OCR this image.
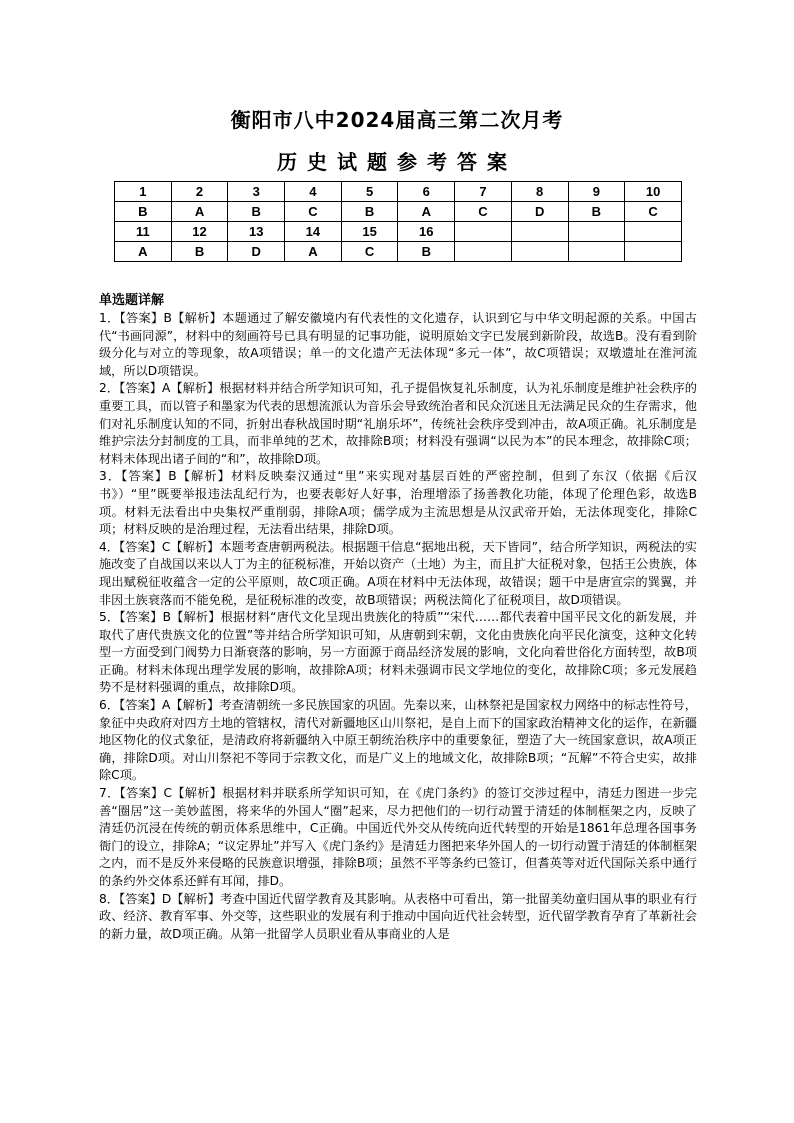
衡阳市八中2024届高三第二次月考
历史试题参考答案
1	2	3	4	5	6	7	8	9	10
B	A	B	C	B	A	C	D	B	C
11	12	13	14	15	16				
A	B	D	A	C	B				
单选题详解

1．【答案】B【解析】本题通过了解安徽境内有代表性的文化遗存，认识到它与中华文明起源的关系。中国古代“书画同源”，材料中的刻画符号已具有明显的记事功能，说明原始文字已发展到新阶段，故选B。没有看到阶级分化与对立的等现象，故A项错误；单一的文化遗产无法体现“多元一体”，故C项错误；双墩遗址在淮河流域，所以D项错误。

2．【答案】A【解析】根据材料并结合所学知识可知，孔子提倡恢复礼乐制度，认为礼乐制度是维护社会秩序的重要工具，而以管子和墨家为代表的思想流派认为音乐会导致统治者和民众沉迷且无法满足民众的生存需求，他们对礼乐制度认知的不同，折射出春秋战国时期“礼崩乐坏”，传统社会秩序受到冲击，故A项正确。礼乐制度是维护宗法分封制度的工具，而非单纯的艺术，故排除B项；材料没有强调“以民为本”的民本理念，故排除C项；材料未体现出诸子间的“和”，故排除D项。

3．【答案】B【解析】材料反映秦汉通过“里”来实现对基层百姓的严密控制，但到了东汉（依据《后汉书》）“里”既要举报违法乱纪行为，也要表彰好人好事，治理增添了扬善教化功能，体现了伦理色彩，故选B项。材料无法看出中央集权严重削弱，排除A项；儒学成为主流思想是从汉武帝开始，无法体现变化，排除C项；材料反映的是治理过程，无法看出结果，排除D项。

4．【答案】C【解析】本题考查唐朝两税法。根据题干信息“据地出税，天下皆同”，结合所学知识，两税法的实施改变了自战国以来以人丁为主的征税标准，开始以资产（土地）为主，而且扩大征税对象，包括王公贵族，体现出赋税征收蕴含一定的公平原则，故C项正确。A项在材料中无法体现，故错误；题干中是唐宣宗的巽翼，并非因土族衰落而不能免税，是征税标准的改变，故B项错误；两税法简化了征税项目，故D项错误。

5．【答案】B【解析】根据材料“唐代文化呈现出贵族化的特质”“宋代……都代表着中国平民文化的新发展，并取代了唐代贵族文化的位置”等并结合所学知识可知，从唐朝到宋朝，文化由贵族化向平民化演变，这种文化转型一方面受到门阀势力日渐衰落的影响，另一方面源于商品经济发展的影响，文化向着世俗化方面转型，故B项正确。材料未体现出理学发展的影响，故排除A项；材料未强调市民文学地位的变化，故排除C项；多元发展趋势不是材料强调的重点，故排除D项。

6．【答案】A【解析】考查清朝统一多民族国家的巩固。先秦以来，山林祭祀是国家权力网络中的标志性符号，象征中央政府对四方土地的管辖权，清代对新疆地区山川祭祀，是自上而下的国家政治精神文化的运作，在新疆地区物化的仪式象征，是清政府将新疆纳入中原王朝统治秩序中的重要象征，塑造了大一统国家意识，故A项正确，排除D项。对山川祭祀不等同于宗教文化，而是广义上的地域文化，故排除B项；“瓦解”不符合史实，故排除C项。

7．【答案】C【解析】根据材料并联系所学知识可知，在《虎门条约》的签订交涉过程中，清廷力图进一步完善“圈居”这一美妙蓝图，将来华的外国人“圈”起来，尽力把他们的一切行动置于清廷的体制框架之内，反映了清廷仍沉浸在传统的朝贡体系思维中，C正确。中国近代外交从传统向近代转型的开始是1861年总理各国事务衙门的设立，排除A；“议定界址”并写入《虎门条约》是清廷力图把来华外国人的一切行动置于清廷的体制框架之内，而不是反外来侵略的民族意识增强，排除B项；虽然不平等条约已签订，但耆英等对近代国际关系中通行的条约外交体系还鲜有耳闻，排D。

8．【答案】D【解析】考查中国近代留学教育及其影响。从表格中可看出，第一批留美幼童归国从事的职业有行政、经济、教育军事、外交等，这些职业的发展有利于推动中国向近代社会转型，近代留学教育孕育了革新社会的新力量，故D项正确。从第一批留学人员职业看从事商业的人是
